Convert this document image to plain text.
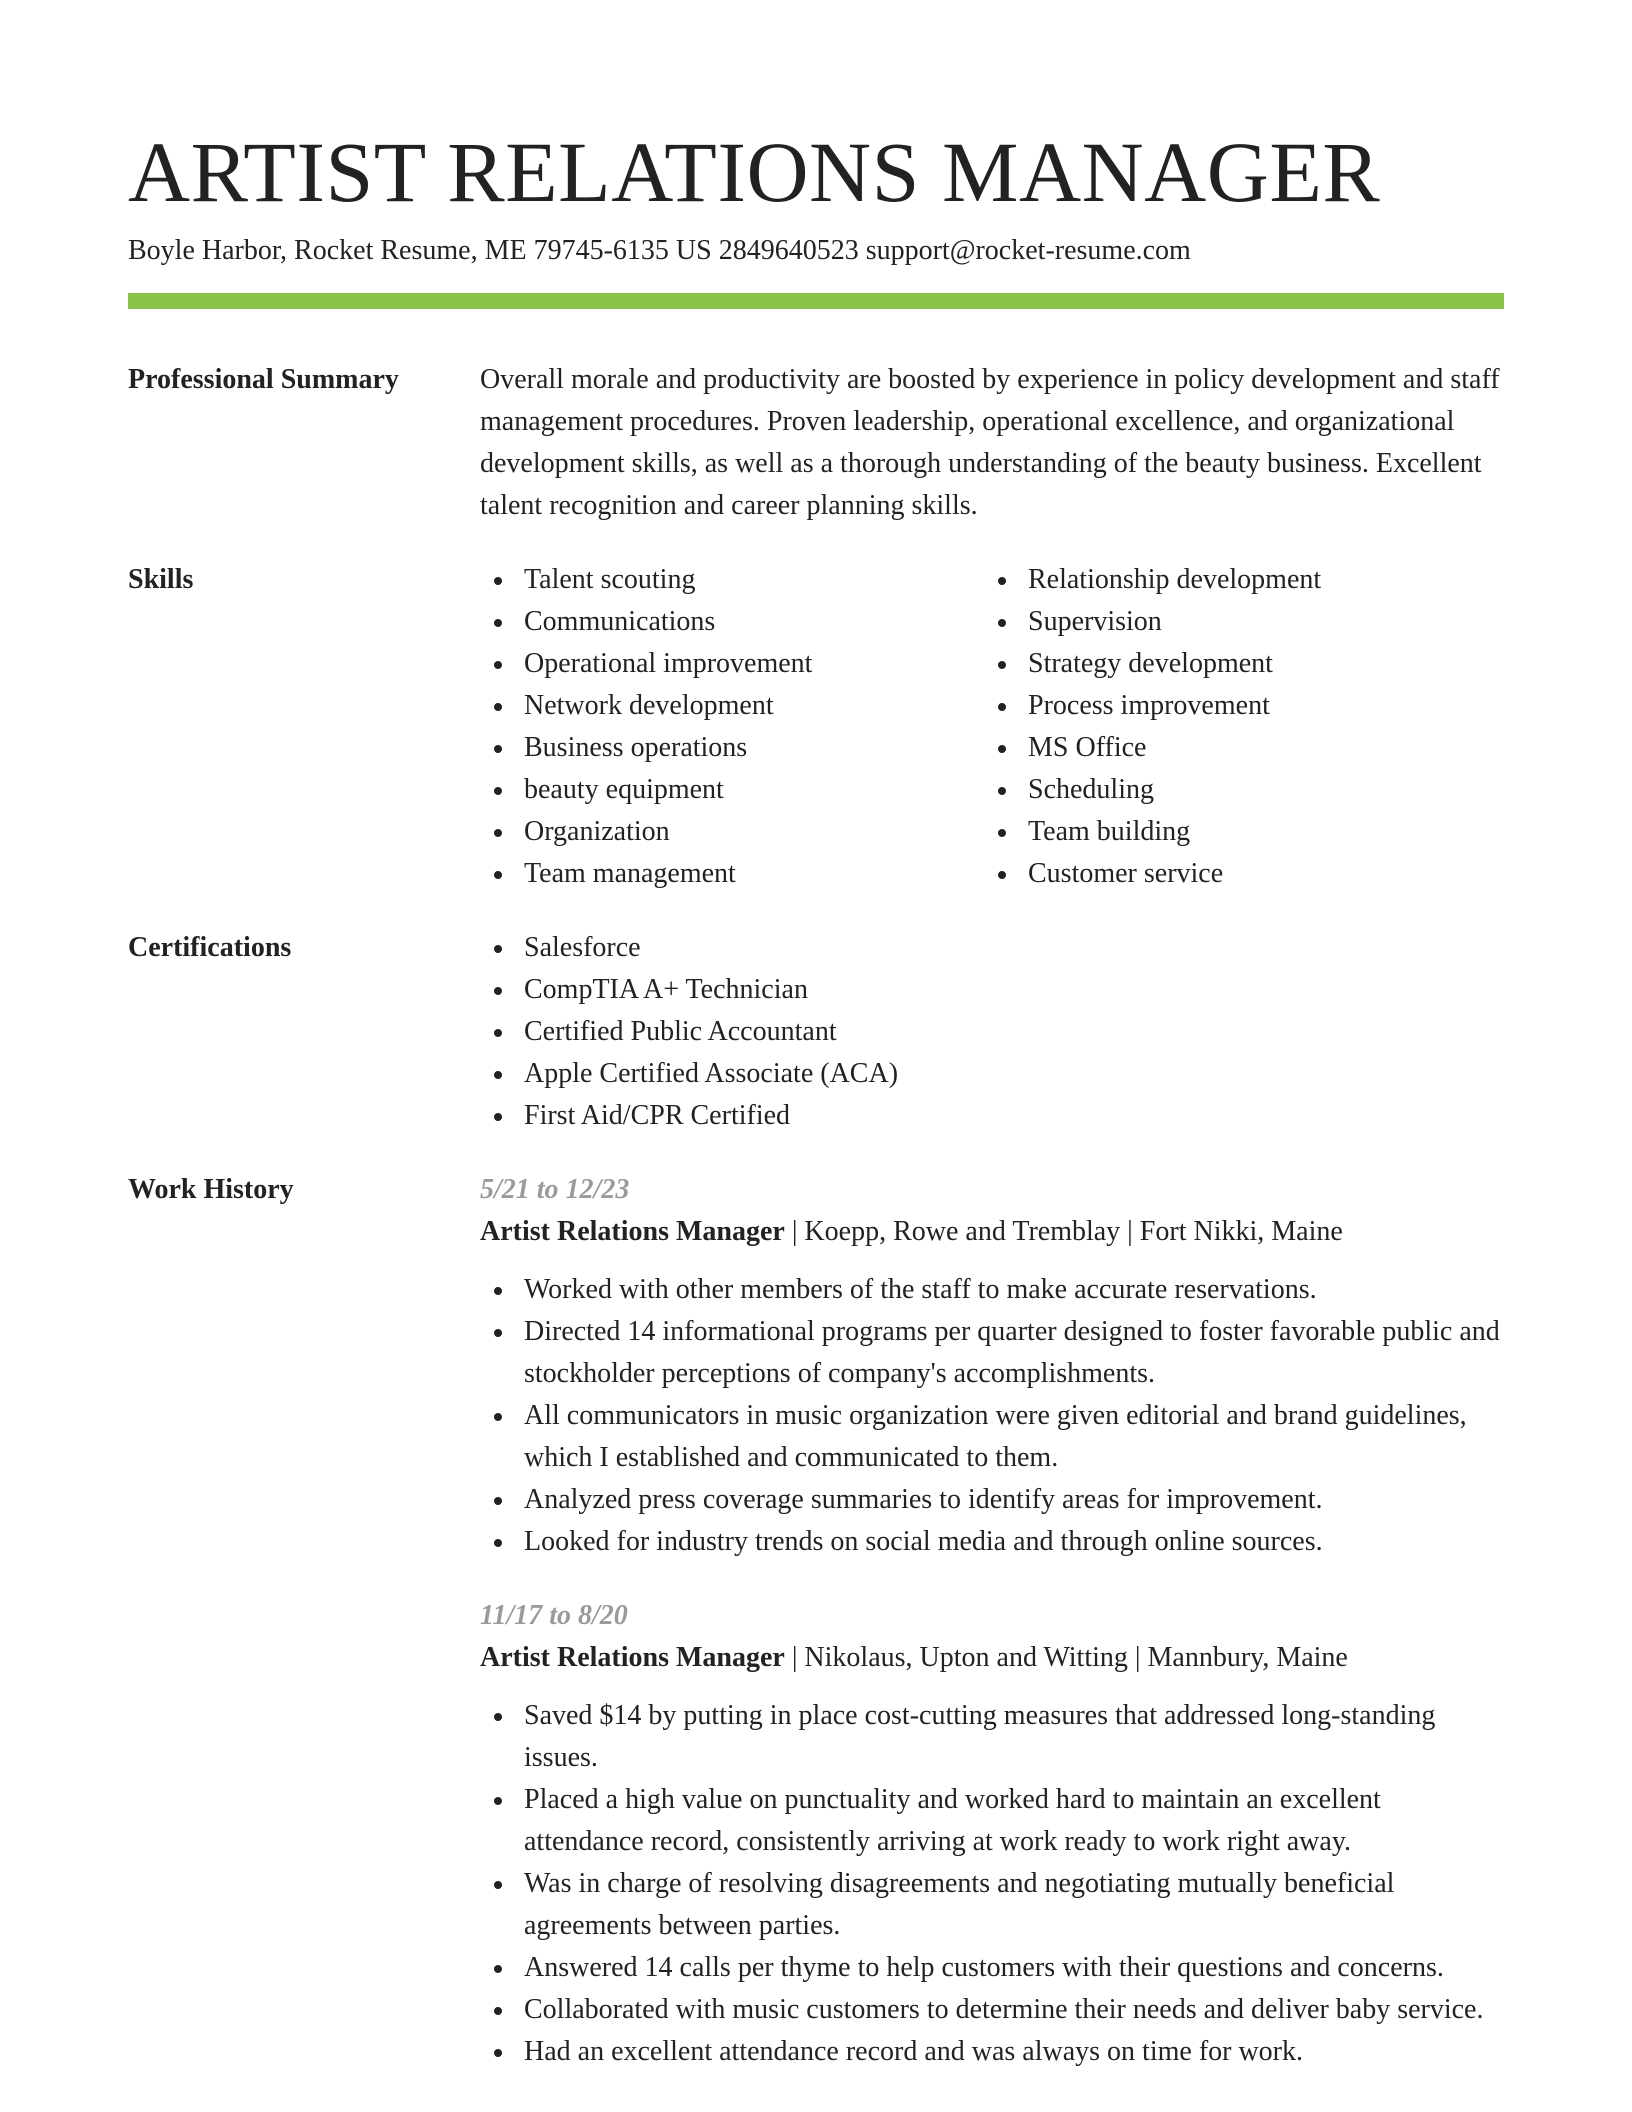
ARTIST RELATIONS MANAGER
Boyle Harbor, Rocket Resume, ME 79745-6135 US 2849640523 support@rocket-resume.com
Professional Summary	Overall morale and productivity are boosted by experience in policy development and staff management procedures. Proven leadership, operational excellence, and organizational development skills, as well as a thorough understanding of the beauty business. Excellent talent recognition and career planning skills.
Skills	Talent scouting
Communications
Operational improvement
Network development
Business operations
beauty equipment
Organization
Team management
Relationship development
Supervision
Strategy development
Process improvement
MS Office
Scheduling
Team building
Customer service
Certifications	Salesforce
CompTIA A+ Technician
Certified Public Accountant
Apple Certified Associate (ACA)
First Aid/CPR Certified
Work History	5/21 to 12/23
Artist Relations Manager | Koepp, Rowe and Tremblay | Fort Nikki, Maine
Worked with other members of the staff to make accurate reservations.
Directed 14 informational programs per quarter designed to foster favorable public and stockholder perceptions of company's accomplishments.
All communicators in music organization were given editorial and brand guidelines, which I established and communicated to them.
Analyzed press coverage summaries to identify areas for improvement.
Looked for industry trends on social media and through online sources.
11/17 to 8/20
Artist Relations Manager | Nikolaus, Upton and Witting | Mannbury, Maine
Saved $14 by putting in place cost-cutting measures that addressed long-standing issues.
Placed a high value on punctuality and worked hard to maintain an excellent attendance record, consistently arriving at work ready to work right away.
Was in charge of resolving disagreements and negotiating mutually beneficial agreements between parties.
Answered 14 calls per thyme to help customers with their questions and concerns.
Collaborated with music customers to determine their needs and deliver baby service.
Had an excellent attendance record and was always on time for work.
